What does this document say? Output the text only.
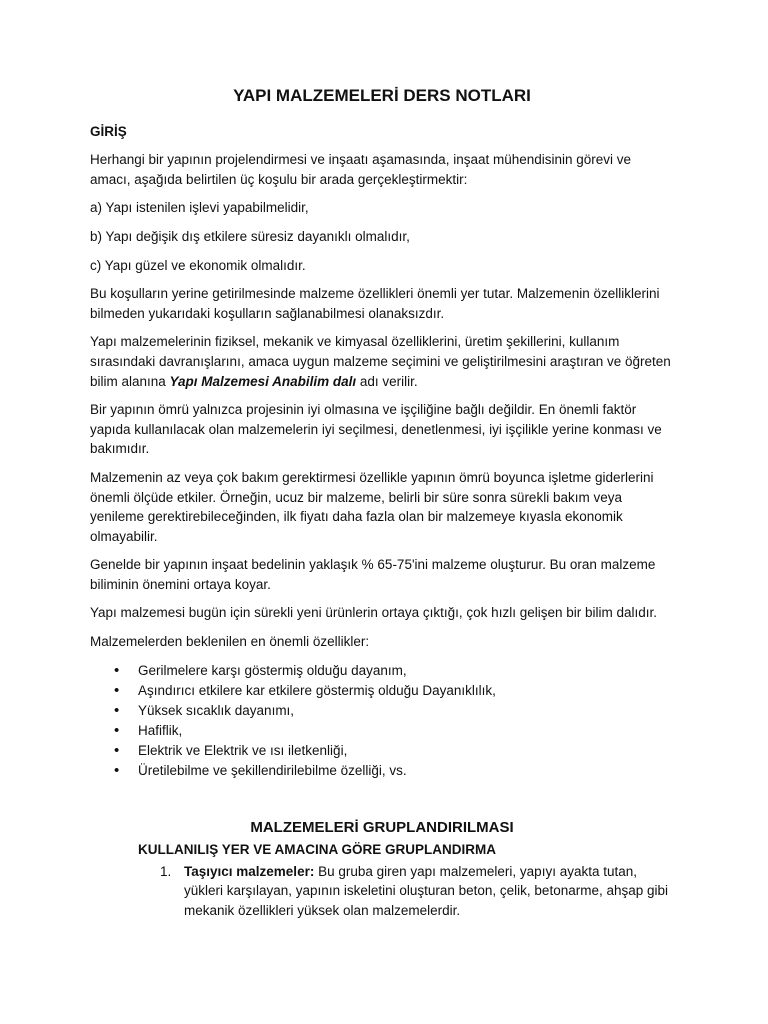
YAPI MALZEMELERİ DERS NOTLARI
GİRİŞ

Herhangi bir yapının projelendirmesi ve inşaatı aşamasında, inşaat mühendisinin görevi ve amacı, aşağıda belirtilen üç koşulu bir arada gerçekleştirmektir:

a) Yapı istenilen işlevi yapabilmelidir,

b) Yapı değişik dış etkilere süresiz dayanıklı olmalıdır,

c) Yapı güzel ve ekonomik olmalıdır.

Bu koşulların yerine getirilmesinde malzeme özellikleri önemli yer tutar. Malzemenin özelliklerini bilmeden yukarıdaki koşulların sağlanabilmesi olanaksızdır.

Yapı malzemelerinin fiziksel, mekanik ve kimyasal özelliklerini, üretim şekillerini, kullanım sırasındaki davranışlarını, amaca uygun malzeme seçimini ve geliştirilmesini araştıran ve öğreten bilim alanına Yapı Malzemesi Anabilim dalı adı verilir.

Bir yapının ömrü yalnızca projesinin iyi olmasına ve işçiliğine bağlı değildir. En önemli faktör yapıda kullanılacak olan malzemelerin iyi seçilmesi, denetlenmesi, iyi işçilikle yerine konması ve bakımıdır.

Malzemenin az veya çok bakım gerektirmesi özellikle yapının ömrü boyunca işletme giderlerini önemli ölçüde etkiler. Örneğin, ucuz bir malzeme, belirli bir süre sonra sürekli bakım veya yenileme gerektirebileceğinden, ilk fiyatı daha fazla olan bir malzemeye kıyasla ekonomik olmayabilir.

Genelde bir yapının inşaat bedelinin yaklaşık % 65-75'ini malzeme oluşturur. Bu oran malzeme biliminin önemini ortaya koyar.

Yapı malzemesi bugün için sürekli yeni ürünlerin ortaya çıktığı, çok hızlı gelişen bir bilim dalıdır.

Malzemelerden beklenilen en önemli özellikler:

• Gerilmelere karşı göstermiş olduğu dayanım,
• Aşındırıcı etkilere kar etkilere göstermiş olduğu Dayanıklılık,
• Yüksek sıcaklık dayanımı,
• Hafiflik,
• Elektrik ve Elektrik ve ısı iletkenliği,
• Üretilebilme ve şekillendirilebilme özelliği, vs.
MALZEMELERİ GRUPLANDIRILMASI
KULLANILIŞ YER VE AMACINA GÖRE GRUPLANDIRMA
1. Taşıyıcı malzemeler: Bu gruba giren yapı malzemeleri, yapıyı ayakta tutan, yükleri karşılayan, yapının iskeletini oluşturan beton, çelik, betonarme, ahşap gibi mekanik özellikleri yüksek olan malzemelerdir.
